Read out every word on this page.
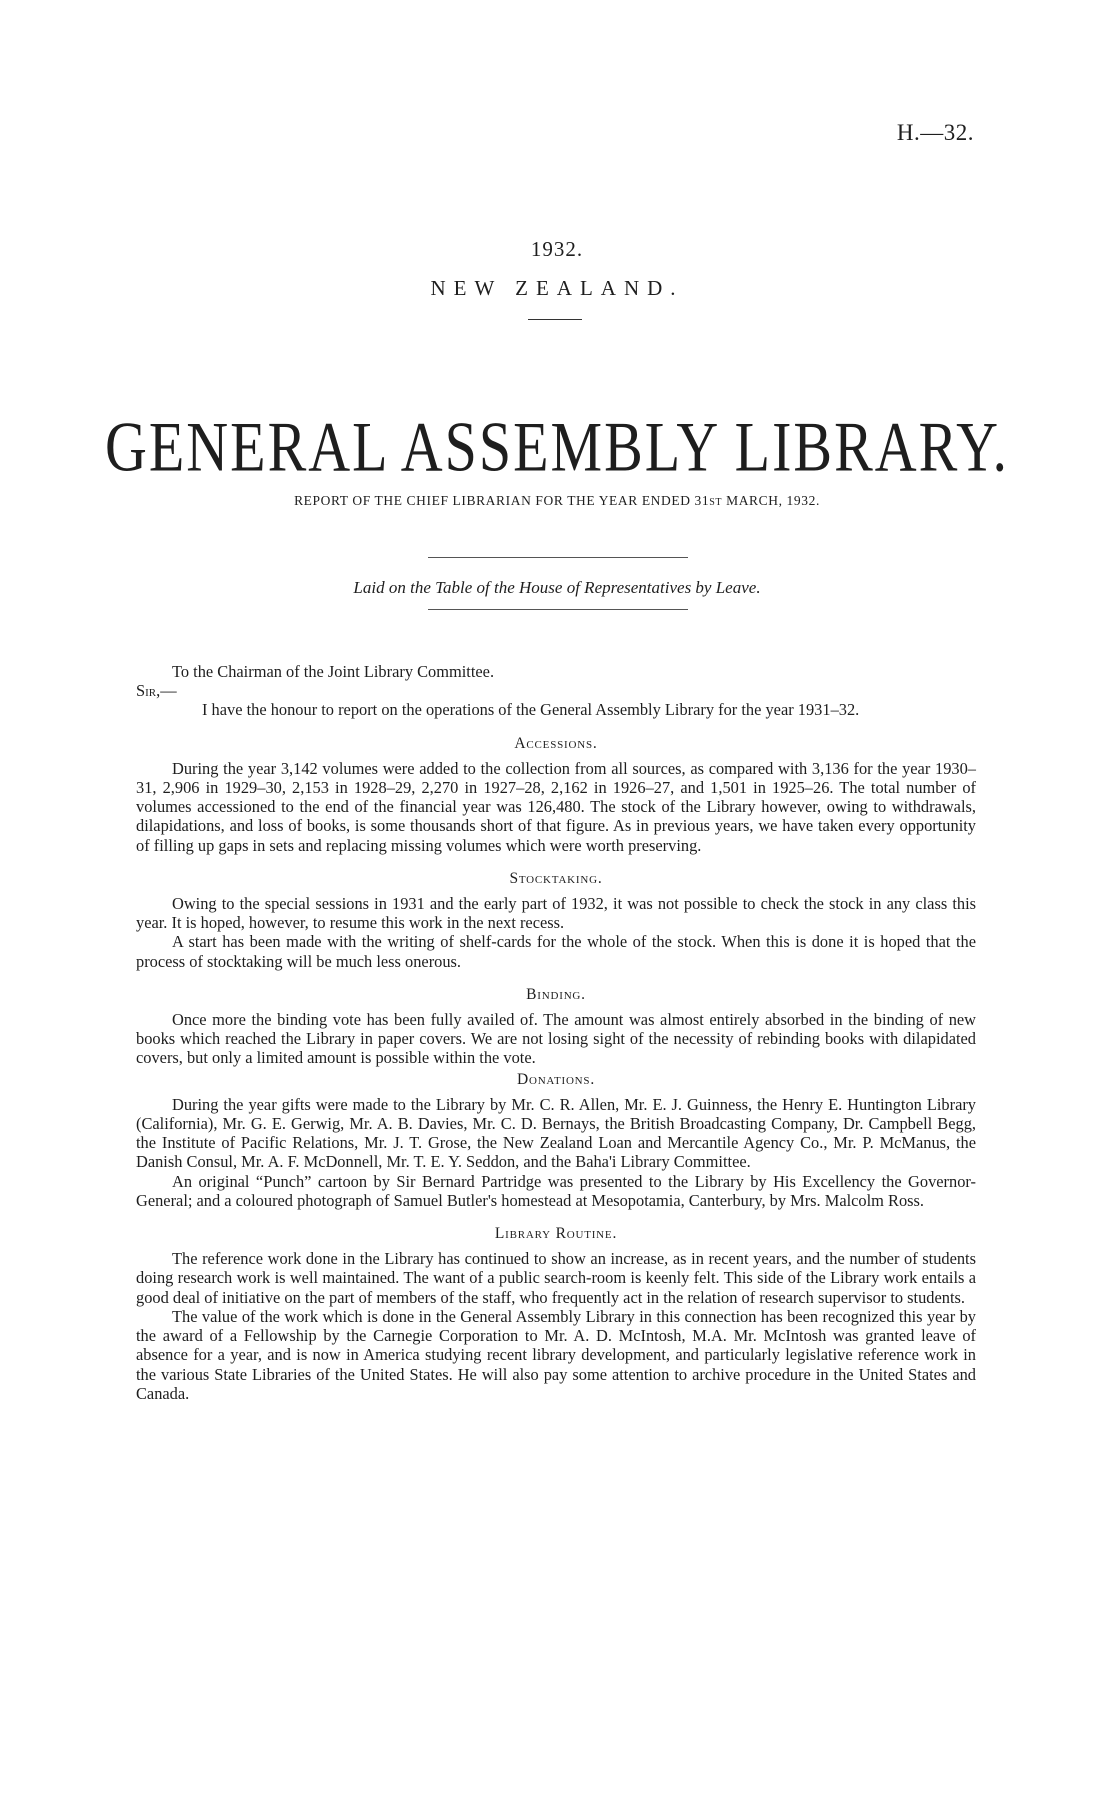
H.—32.
1932.
NEW ZEALAND.
GENERAL ASSEMBLY LIBRARY.
REPORT OF THE CHIEF LIBRARIAN FOR THE YEAR ENDED 31ST MARCH, 1932.
Laid on the Table of the House of Representatives by Leave.

To the Chairman of the Joint Library Committee.

Sir,—

I have the honour to report on the operations of the General Assembly Library for the year 1931–32.

Accessions.

During the year 3,142 volumes were added to the collection from all sources, as compared with 3,136 for the year 1930–31, 2,906 in 1929–30, 2,153 in 1928–29, 2,270 in 1927–28, 2,162 in 1926–27, and 1,501 in 1925–26. The total number of volumes accessioned to the end of the financial year was 126,480. The stock of the Library however, owing to withdrawals, dilapidations, and loss of books, is some thousands short of that figure. As in previous years, we have taken every opportunity of filling up gaps in sets and replacing missing volumes which were worth preserving.

Stocktaking.

Owing to the special sessions in 1931 and the early part of 1932, it was not possible to check the stock in any class this year. It is hoped, however, to resume this work in the next recess.

A start has been made with the writing of shelf-cards for the whole of the stock. When this is done it is hoped that the process of stocktaking will be much less onerous.

Binding.

Once more the binding vote has been fully availed of. The amount was almost entirely absorbed in the binding of new books which reached the Library in paper covers. We are not losing sight of the necessity of rebinding books with dilapidated covers, but only a limited amount is possible within the vote.

Donations.

During the year gifts were made to the Library by Mr. C. R. Allen, Mr. E. J. Guinness, the Henry E. Huntington Library (California), Mr. G. E. Gerwig, Mr. A. B. Davies, Mr. C. D. Bernays, the British Broadcasting Company, Dr. Campbell Begg, the Institute of Pacific Relations, Mr. J. T. Grose, the New Zealand Loan and Mercantile Agency Co., Mr. P. McManus, the Danish Consul, Mr. A. F. McDonnell, Mr. T. E. Y. Seddon, and the Baha'i Library Committee.

An original “Punch” cartoon by Sir Bernard Partridge was presented to the Library by His Excellency the Governor-General; and a coloured photograph of Samuel Butler's homestead at Mesopotamia, Canterbury, by Mrs. Malcolm Ross.

Library Routine.

The reference work done in the Library has continued to show an increase, as in recent years, and the number of students doing research work is well maintained. The want of a public search-room is keenly felt. This side of the Library work entails a good deal of initiative on the part of members of the staff, who frequently act in the relation of research supervisor to students.

The value of the work which is done in the General Assembly Library in this connection has been recognized this year by the award of a Fellowship by the Carnegie Corporation to Mr. A. D. McIntosh, M.A. Mr. McIntosh was granted leave of absence for a year, and is now in America studying recent library development, and particularly legislative reference work in the various State Libraries of the United States. He will also pay some attention to archive procedure in the United States and Canada.
